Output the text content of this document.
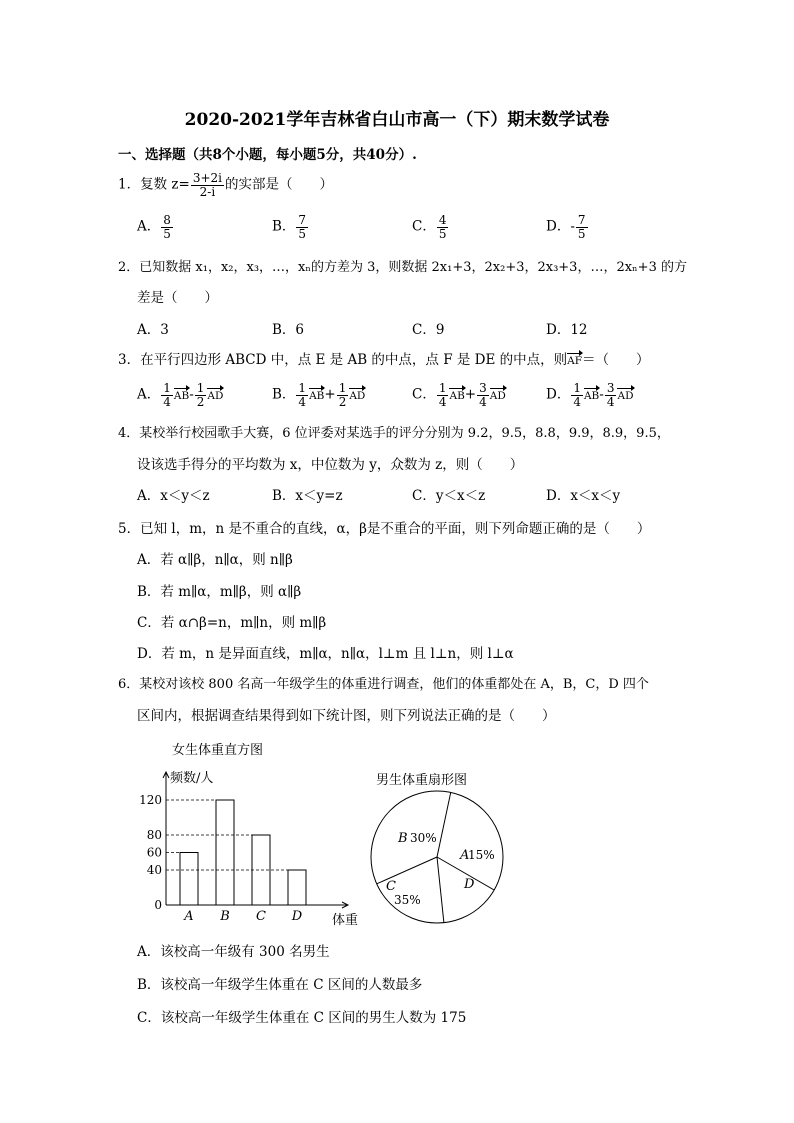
2020-2021学年吉林省白山市高一（下）期末数学试卷
一、选择题（共8个小题，每小题5分，共40分）.
1．复数 $z= \frac{3+2i}{2-i}$ 的实部是（　　）
A． $\frac{8}{5}$	B． $\frac{7}{5}$	C． $\frac{4}{5}$	D．- $\frac{7}{5}$
2．已知数据 x₁，x₂，x₃，…，xₙ的方差为 3，则数据 2x₁+3，2x₂+3，2x₃+3，…，2xₙ+3 的方
差是（　　）
A．3	B．6	C．9	D．12
3．在平行四边形 ABCD 中，点 E 是 AB 的中点，点 F 是 DE 的中点，则AF＝（　　）
A． $\frac{1}{4} AB- \frac{1}{2}$ AD	B． $\frac{1}{4} AB+ \frac{1}{2}$ AD	C． $\frac{1}{4} AB+ \frac{3}{4}$ AD	D． $\frac{1}{4} AB- \frac{3}{4}$ AD
4．某校举行校园歌手大赛，6 位评委对某选手的评分分别为 9.2，9.5，8.8，9.9，8.9，9.5，
设该选手得分的平均数为 x，中位数为 y，众数为 z，则（　　）
A．x＜y＜z	B．x＜y=z	C．y＜x＜z	D．x＜x＜y
5．已知 l，m，n 是不重合的直线，α，β是不重合的平面，则下列命题正确的是（　　）
A．若 α∥β，n∥α，则 n∥β
B．若 m∥α，m∥β，则 α∥β
C．若 α∩β=n，m∥n，则 m∥β
D．若 m，n 是异面直线，m∥α，n∥α，l⊥m 且 l⊥n，则 l⊥α
6．某校对该校 800 名高一年级学生的体重进行调查，他们的体重都处在 A，B，C，D 四个
区间内，根据调查结果得到如下统计图，则下列说法正确的是（　　）
女生体重直方图
频数/人
体重
0
40
60
80
120
A B C D
男生体重扇形图
B 30%
A
15%
D
C
35%
A．该校高一年级有 300 名男生
B．该校高一年级学生体重在 C 区间的人数最多
C．该校高一年级学生体重在 C 区间的男生人数为 175
